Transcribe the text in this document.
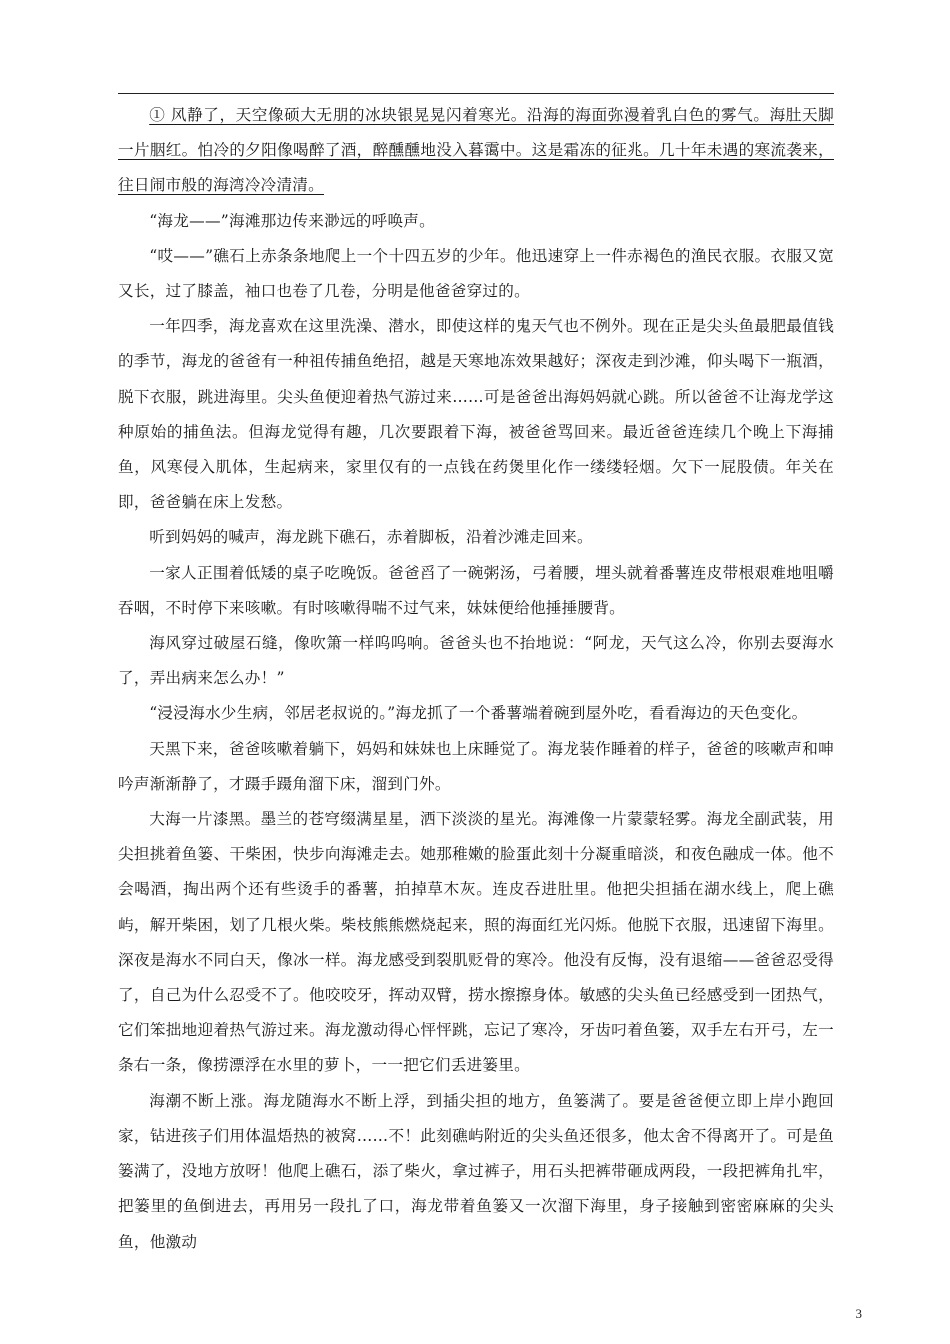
① 风静了，天空像硕大无朋的冰块银晃晃闪着寒光。沿海的海面弥漫着乳白色的雾气。海肚天脚一片胭红。怕冷的夕阳像喝醉了酒，醉醺醺地没入暮霭中。这是霜冻的征兆。几十年未遇的寒流袭来，往日闹市般的海湾冷冷清清。

“海龙——”海滩那边传来渺远的呼唤声。

“哎——”礁石上赤条条地爬上一个十四五岁的少年。他迅速穿上一件赤褐色的渔民衣服。衣服又宽又长，过了膝盖，袖口也卷了几卷，分明是他爸爸穿过的。

一年四季，海龙喜欢在这里洗澡、潜水，即使这样的鬼天气也不例外。现在正是尖头鱼最肥最值钱的季节，海龙的爸爸有一种祖传捕鱼绝招，越是天寒地冻效果越好；深夜走到沙滩，仰头喝下一瓶酒，脱下衣服，跳进海里。尖头鱼便迎着热气游过来……可是爸爸出海妈妈就心跳。所以爸爸不让海龙学这种原始的捕鱼法。但海龙觉得有趣，几次要跟着下海，被爸爸骂回来。最近爸爸连续几个晚上下海捕鱼，风寒侵入肌体，生起病来，家里仅有的一点钱在药煲里化作一缕缕轻烟。欠下一屁股债。年关在即，爸爸躺在床上发愁。

听到妈妈的喊声，海龙跳下礁石，赤着脚板，沿着沙滩走回来。

一家人正围着低矮的桌子吃晚饭。爸爸舀了一碗粥汤，弓着腰，埋头就着番薯连皮带根艰难地咀嚼吞咽，不时停下来咳嗽。有时咳嗽得喘不过气来，妹妹便给他捶捶腰背。

海风穿过破屋石缝，像吹箫一样呜呜响。爸爸头也不抬地说：“阿龙，天气这么冷，你别去耍海水了，弄出病来怎么办！”

“浸浸海水少生病，邻居老叔说的。”海龙抓了一个番薯端着碗到屋外吃，看看海边的天色变化。

天黑下来，爸爸咳嗽着躺下，妈妈和妹妹也上床睡觉了。海龙装作睡着的样子，爸爸的咳嗽声和呻吟声渐渐静了，才蹑手蹑角溜下床，溜到门外。

大海一片漆黑。墨兰的苍穹缀满星星，洒下淡淡的星光。海滩像一片蒙蒙轻雾。海龙全副武装，用尖担挑着鱼篓、干柴困，快步向海滩走去。她那稚嫩的脸蛋此刻十分凝重暗淡，和夜色融成一体。他不会喝酒，掏出两个还有些烫手的番薯，拍掉草木灰。连皮吞进肚里。他把尖担插在湖水线上，爬上礁屿，解开柴困，划了几根火柴。柴枝熊熊燃烧起来，照的海面红光闪烁。他脱下衣服，迅速留下海里。深夜是海水不同白天，像冰一样。海龙感受到裂肌贬骨的寒冷。他没有反悔，没有退缩——爸爸忍受得了，自己为什么忍受不了。他咬咬牙，挥动双臂，捞水擦擦身体。敏感的尖头鱼已经感受到一团热气，它们笨拙地迎着热气游过来。海龙激动得心怦怦跳，忘记了寒冷，牙齿叼着鱼篓，双手左右开弓，左一条右一条，像捞漂浮在水里的萝卜，一一把它们丢进篓里。

海潮不断上涨。海龙随海水不断上浮，到插尖担的地方，鱼篓满了。要是爸爸便立即上岸小跑回家，钻进孩子们用体温焐热的被窝……不！此刻礁屿附近的尖头鱼还很多，他太舍不得离开了。可是鱼篓满了，没地方放呀！他爬上礁石，添了柴火，拿过裤子，用石头把裤带砸成两段，一段把裤角扎牢，把篓里的鱼倒进去，再用另一段扎了口，海龙带着鱼篓又一次溜下海里，身子接触到密密麻麻的尖头鱼，他激动

3
